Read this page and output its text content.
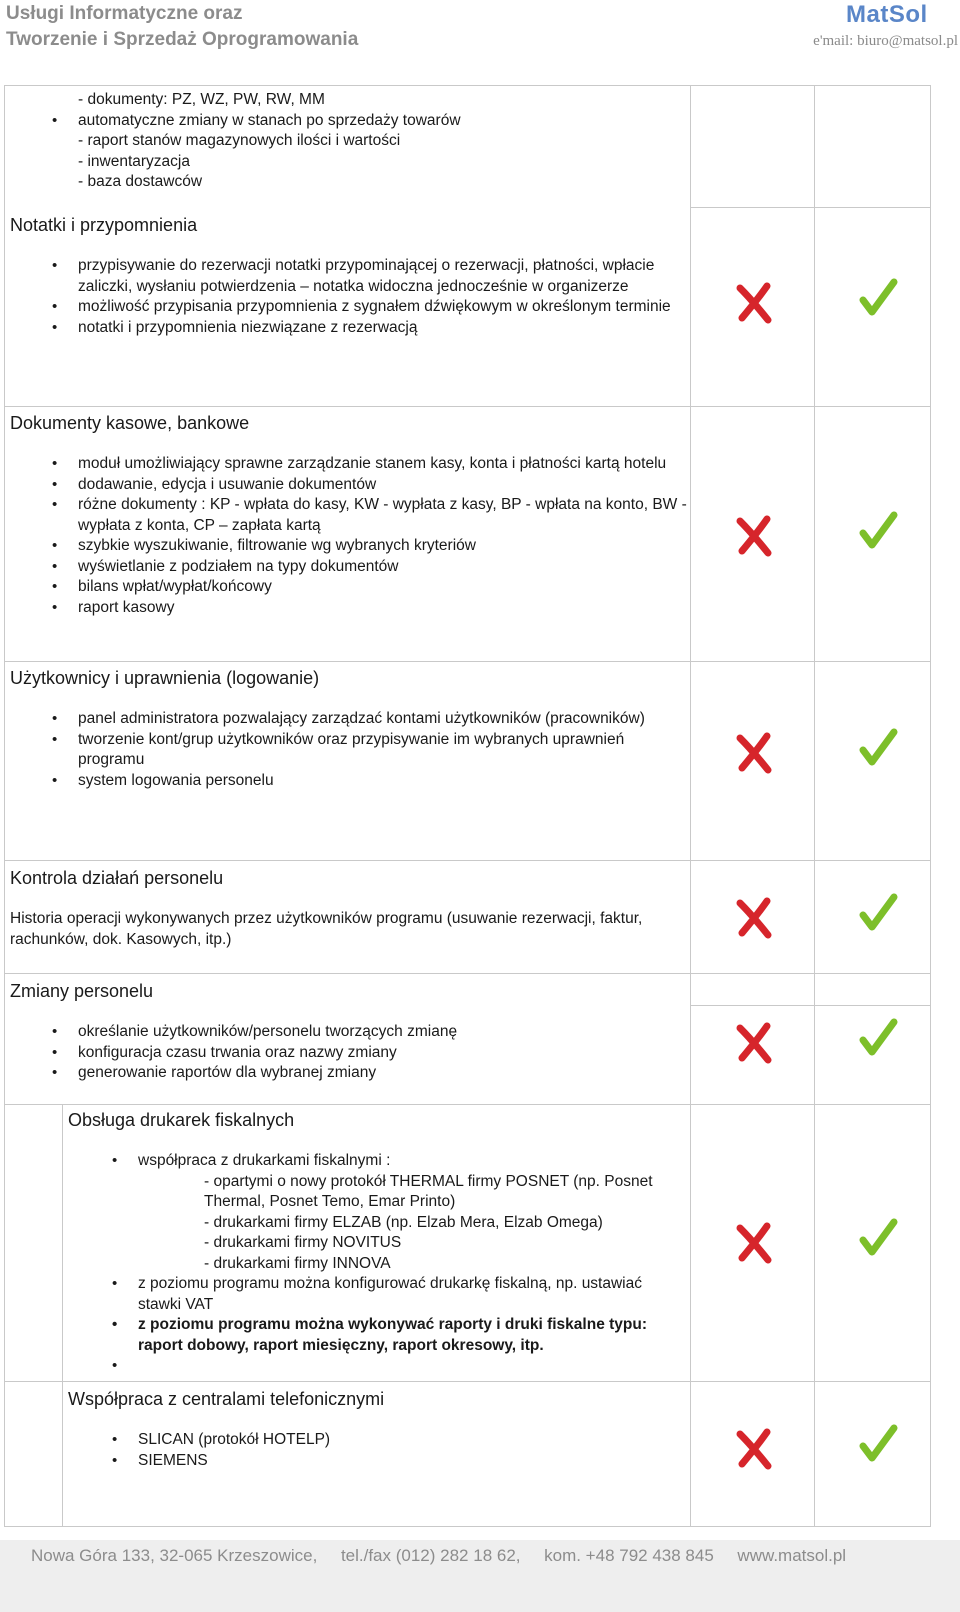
Usługi Informatyczne oraz
Tworzenie i Sprzedaż Oprogramowania
MatSol
e'mail: biuro@matsol.pl
- dokumenty: PZ, WZ, PW, RW, MM
• automatyczne zmiany w stanach po sprzedaży towarów
- raport stanów magazynowych ilości i wartości
- inwentaryzacja
- baza dostawców
Notatki i przypomnienia
• przypisywanie do rezerwacji notatki przypominającej o rezerwacji, płatności, wpłacie zaliczki, wysłaniu potwierdzenia – notatka widoczna jednocześnie w organizerze
• możliwość przypisania przypomnienia z sygnałem dźwiękowym w określonym terminie
• notatki i przypomnienia niezwiązane z rezerwacją
Dokumenty kasowe, bankowe
• moduł umożliwiający sprawne zarządzanie stanem kasy, konta i płatności kartą hotelu
• dodawanie, edycja i usuwanie dokumentów
• różne dokumenty : KP - wpłata do kasy, KW - wypłata z kasy, BP - wpłata na konto, BW - wypłata z konta, CP – zapłata kartą
• szybkie wyszukiwanie, filtrowanie wg wybranych kryteriów
• wyświetlanie z podziałem na typy dokumentów
• bilans wpłat/wypłat/końcowy
• raport kasowy
Użytkownicy i uprawnienia (logowanie)
• panel administratora pozwalający zarządzać kontami użytkowników (pracowników)
• tworzenie kont/grup użytkowników oraz przypisywanie im wybranych uprawnień programu
• system logowania personelu
Kontrola działań personelu
Historia operacji wykonywanych przez użytkowników programu (usuwanie rezerwacji, faktur, rachunków, dok. Kasowych, itp.)
Zmiany personelu
• określanie użytkowników/personelu tworzących zmianę
• konfiguracja czasu trwania oraz nazwy zmiany
• generowanie raportów dla wybranej zmiany
Obsługa drukarek fiskalnych
• współpraca z drukarkami fiskalnymi :
- opartymi o nowy protokół THERMAL firmy POSNET (np. Posnet Thermal, Posnet Temo, Emar Printo)
- drukarkami firmy ELZAB (np. Elzab Mera, Elzab Omega)
- drukarkami firmy NOVITUS
- drukarkami firmy INNOVA
• z poziomu programu można konfigurować drukarkę fiskalną, np. ustawiać stawki VAT
• z poziomu programu można wykonywać raporty i druki fiskalne typu: raport dobowy, raport miesięczny, raport okresowy, itp.
•
Współpraca z centralami telefonicznymi
• SLICAN (protokół HOTELP)
• SIEMENS
Nowa Góra 133, 32-065 Krzeszowice, tel./fax (012) 282 18 62, kom. +48 792 438 845 www.matsol.pl
